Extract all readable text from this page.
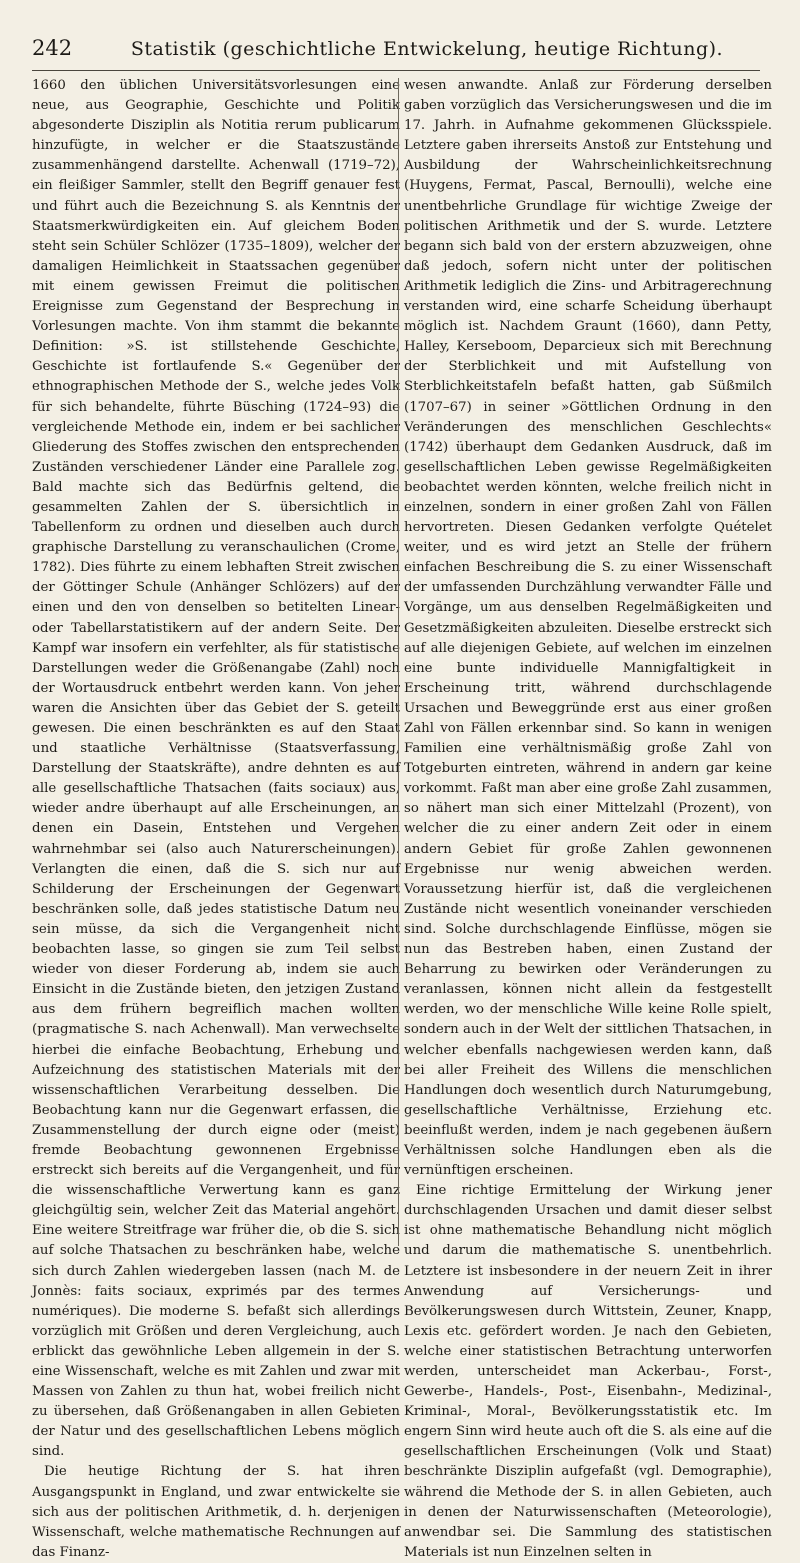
242	Statistik (geschichtliche Entwickelung, heutige Richtung).

1660 den üblichen Universitätsvorlesungen eine neue, aus Geographie, Geschichte und Politik abgesonderte Disziplin als Notitia rerum publicarum hinzufügte, in welcher er die Staatszustände zusammenhängend darstellte. Achenwall (1719–72), ein fleißiger Sammler, stellt den Begriff genauer fest und führt auch die Bezeichnung S. als Kenntnis der Staatsmerkwürdigkeiten ein. Auf gleichem Boden steht sein Schüler Schlözer (1735–1809), welcher der damaligen Heimlichkeit in Staatssachen gegenüber mit einem gewissen Freimut die politischen Ereignisse zum Gegenstand der Besprechung in Vorlesungen machte. Von ihm stammt die bekannte Definition: »S. ist stillstehende Geschichte, Geschichte ist fortlaufende S.« Gegenüber der ethnographischen Methode der S., welche jedes Volk für sich behandelte, führte Büsching (1724–93) die vergleichende Methode ein, indem er bei sachlicher Gliederung des Stoffes zwischen den entsprechenden Zuständen verschiedener Länder eine Parallele zog. Bald machte sich das Bedürfnis geltend, die gesammelten Zahlen der S. übersichtlich in Tabellenform zu ordnen und dieselben auch durch graphische Darstellung zu veranschaulichen (Crome, 1782). Dies führte zu einem lebhaften Streit zwischen der Göttinger Schule (Anhänger Schlözers) auf der einen und den von denselben so betitelten Linear- oder Tabellarstatistikern auf der andern Seite. Der Kampf war insofern ein verfehlter, als für statistische Darstellungen weder die Größenangabe (Zahl) noch der Wortausdruck entbehrt werden kann. Von jeher waren die Ansichten über das Gebiet der S. geteilt gewesen. Die einen beschränkten es auf den Staat und staatliche Verhältnisse (Staatsverfassung, Darstellung der Staatskräfte), andre dehnten es auf alle gesellschaftliche Thatsachen (faits sociaux) aus, wieder andre überhaupt auf alle Erscheinungen, an denen ein Dasein, Entstehen und Vergehen wahrnehmbar sei (also auch Naturerscheinungen). Verlangten die einen, daß die S. sich nur auf Schilderung der Erscheinungen der Gegenwart beschränken solle, daß jedes statistische Datum neu sein müsse, da sich die Vergangenheit nicht beobachten lasse, so gingen sie zum Teil selbst wieder von dieser Forderung ab, indem sie auch Einsicht in die Zustände bieten, den jetzigen Zustand aus dem frühern begreiflich machen wollten (pragmatische S. nach Achenwall). Man verwechselte hierbei die einfache Beobachtung, Erhebung und Aufzeichnung des statistischen Materials mit der wissenschaftlichen Verarbeitung desselben. Die Beobachtung kann nur die Gegenwart erfassen, die Zusammenstellung der durch eigne oder (meist) fremde Beobachtung gewonnenen Ergebnisse erstreckt sich bereits auf die Vergangenheit, und für die wissenschaftliche Verwertung kann es ganz gleichgültig sein, welcher Zeit das Material angehört. Eine weitere Streitfrage war früher die, ob die S. sich auf solche Thatsachen zu beschränken habe, welche sich durch Zahlen wiedergeben lassen (nach M. de Jonnès: faits sociaux, exprimés par des termes numériques). Die moderne S. befaßt sich allerdings vorzüglich mit Größen und deren Vergleichung, auch erblickt das gewöhnliche Leben allgemein in der S. eine Wissenschaft, welche es mit Zahlen und zwar mit Massen von Zahlen zu thun hat, wobei freilich nicht zu übersehen, daß Größenangaben in allen Gebieten der Natur und des gesellschaftlichen Lebens möglich sind.

Die heutige Richtung der S. hat ihren Ausgangspunkt in England, und zwar entwickelte sie sich aus der politischen Arithmetik, d. h. derjenigen Wissenschaft, welche mathematische Rechnungen auf das Finanz-

wesen anwandte. Anlaß zur Förderung derselben gaben vorzüglich das Versicherungswesen und die im 17. Jahrh. in Aufnahme gekommenen Glücksspiele. Letztere gaben ihrerseits Anstoß zur Entstehung und Ausbildung der Wahrscheinlichkeitsrechnung (Huygens, Fermat, Pascal, Bernoulli), welche eine unentbehrliche Grundlage für wichtige Zweige der politischen Arithmetik und der S. wurde. Letztere begann sich bald von der erstern abzuzweigen, ohne daß jedoch, sofern nicht unter der politischen Arithmetik lediglich die Zins- und Arbitragerechnung verstanden wird, eine scharfe Scheidung überhaupt möglich ist. Nachdem Graunt (1660), dann Petty, Halley, Kerseboom, Deparcieux sich mit Berechnung der Sterblichkeit und mit Aufstellung von Sterblichkeitstafeln befaßt hatten, gab Süßmilch (1707–67) in seiner »Göttlichen Ordnung in den Veränderungen des menschlichen Geschlechts« (1742) überhaupt dem Gedanken Ausdruck, daß im gesellschaftlichen Leben gewisse Regelmäßigkeiten beobachtet werden könnten, welche freilich nicht in einzelnen, sondern in einer großen Zahl von Fällen hervortreten. Diesen Gedanken verfolgte Quételet weiter, und es wird jetzt an Stelle der frühern einfachen Beschreibung die S. zu einer Wissenschaft der umfassenden Durchzählung verwandter Fälle und Vorgänge, um aus denselben Regelmäßigkeiten und Gesetzmäßigkeiten abzuleiten. Dieselbe erstreckt sich auf alle diejenigen Gebiete, auf welchen im einzelnen eine bunte individuelle Mannigfaltigkeit in Erscheinung tritt, während durchschlagende Ursachen und Beweggründe erst aus einer großen Zahl von Fällen erkennbar sind. So kann in wenigen Familien eine verhältnismäßig große Zahl von Totgeburten eintreten, während in andern gar keine vorkommt. Faßt man aber eine große Zahl zusammen, so nähert man sich einer Mittelzahl (Prozent), von welcher die zu einer andern Zeit oder in einem andern Gebiet für große Zahlen gewonnenen Ergebnisse nur wenig abweichen werden. Voraussetzung hierfür ist, daß die vergleichenen Zustände nicht wesentlich voneinander verschieden sind. Solche durchschlagende Einflüsse, mögen sie nun das Bestreben haben, einen Zustand der Beharrung zu bewirken oder Veränderungen zu veranlassen, können nicht allein da festgestellt werden, wo der menschliche Wille keine Rolle spielt, sondern auch in der Welt der sittlichen Thatsachen, in welcher ebenfalls nachgewiesen werden kann, daß bei aller Freiheit des Willens die menschlichen Handlungen doch wesentlich durch Naturumgebung, gesellschaftliche Verhältnisse, Erziehung etc. beeinflußt werden, indem je nach gegebenen äußern Verhältnissen solche Handlungen eben als die vernünftigen erscheinen.

Eine richtige Ermittelung der Wirkung jener durchschlagenden Ursachen und damit dieser selbst ist ohne mathematische Behandlung nicht möglich und darum die mathematische S. unentbehrlich. Letztere ist insbesondere in der neuern Zeit in ihrer Anwendung auf Versicherungs- und Bevölkerungswesen durch Wittstein, Zeuner, Knapp, Lexis etc. gefördert worden. Je nach den Gebieten, welche einer statistischen Betrachtung unterworfen werden, unterscheidet man Ackerbau-, Forst-, Gewerbe-, Handels-, Post-, Eisenbahn-, Medizinal-, Kriminal-, Moral-, Bevölkerungsstatistik etc. Im engern Sinn wird heute auch oft die S. als eine auf die gesellschaftlichen Erscheinungen (Volk und Staat) beschränkte Disziplin aufgefaßt (vgl. Demographie), während die Methode der S. in allen Gebieten, auch in denen der Naturwissenschaften (Meteorologie), anwendbar sei. Die Sammlung des statistischen Materials ist nun Einzelnen selten in
